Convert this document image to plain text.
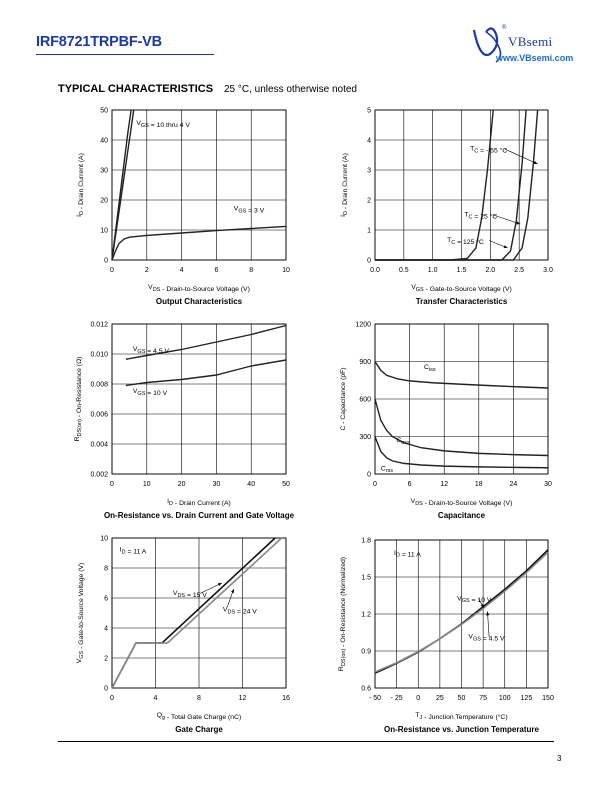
IRF8721TRPBF-VB
®
VBsemi
www.VBsemi.com
TYPICAL CHARACTERISTICS 25 °C, unless otherwise noted
0	2	4	6	8	10
0
10
20
30
40
50
$V_{DS}$ - Drain-to-Source Voltage (V)
$I_D$ - Drain Current (A)
Output Characteristics
$V_{GS} = 10$ thru 4 V
$V_{GS} = 3$ V
0.0	0.5	1.0	1.5	2.0	2.5	3.0
0
1
2
3
4
5
$V_{GS}$ - Gate-to-Source Voltage (V)
$I_D$ - Drain Current (A)
Transfer Characteristics
$T_C$ = - 55 °C
$T_C = 25$ °C
$T_C = 125$ °C
0	10	20	30	40	50
0.002
0.004
0.006
0.008
0.010
0.012
$I_D$ - Drain Current (A)
$R_{DS(on)}$ - On-Resistance (Ω)
On-Resistance vs. Drain Current and Gate Voltage
$V_{GS} = 4.5$ V
$V_{GS} = 10$ V
0	6	12	18	24	30
0
300
600
900
1200
$V_{DS}$ - Drain-to-Source Voltage (V)
C - Capacitance (pF)
Capacitance
$C_{iss}$
$C_{oss}$
$C_{rss}$
0	4	8	12	16
0
2
4
6
8
10
$Q_g$ - Total Gate Charge (nC)
$V_{GS}$ - Gate-to-Source Voltage (V)
Gate Charge
$I_D = 11$ A
$V_{DS} = 15$ V
$V_{DS} = 24$ V
- 50 - 25 0 25 50 75 100 125 150
0.6
0.9
1.2
1.5
1.8
$T_J$ - Junction Temperature (°C)
$R_{DS(on)}$ - On-Resistance (Normalized)
On-Resistance vs. Junction Temperature
$I_D = 11$ A
$V_{GS} = 10$ V
$V_{GS} = 4.5$ V
3
